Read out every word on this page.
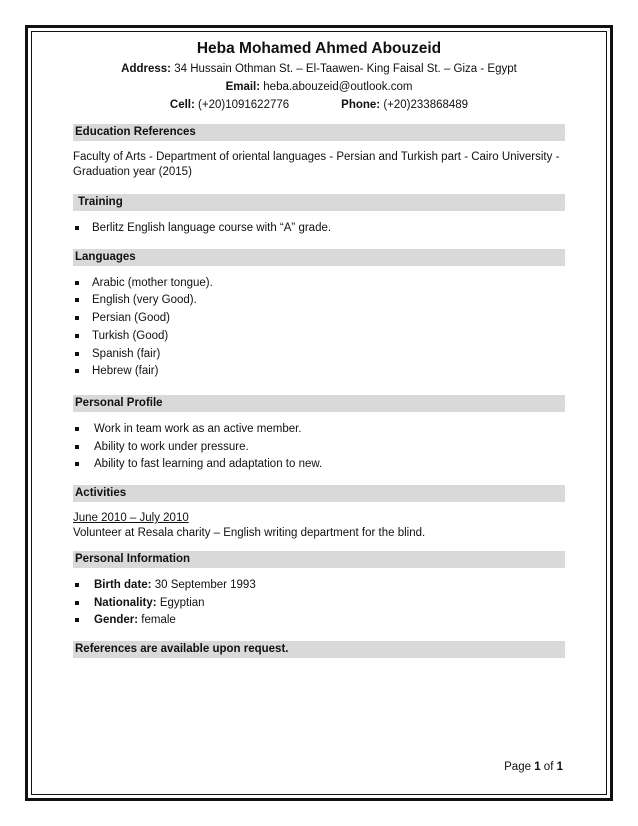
Heba Mohamed Ahmed Abouzeid

Address: 34 Hussain Othman St. – El-Taawen- King Faisal St. – Giza - Egypt

Email: heba.abouzeid@outlook.com

Cell: (+20)1091622776	Phone: (+20)233868489

Education References

Faculty of Arts - Department of oriental languages - Persian and Turkish part - Cairo University - Graduation year (2015)

Training

Berlitz English language course with “A” grade.

Languages

Arabic (mother tongue).
English (very Good).
Persian (Good)
Turkish (Good)
Spanish (fair)
Hebrew (fair)

Personal Profile

Work in team work as an active member.
Ability to work under pressure.
Ability to fast learning and adaptation to new.

Activities

June 2010 – July 2010

Volunteer at Resala charity – English writing department for the blind.

Personal Information

Birth date: 30 September 1993
Nationality: Egyptian
Gender: female

References are available upon request.

Page 1 of 1
